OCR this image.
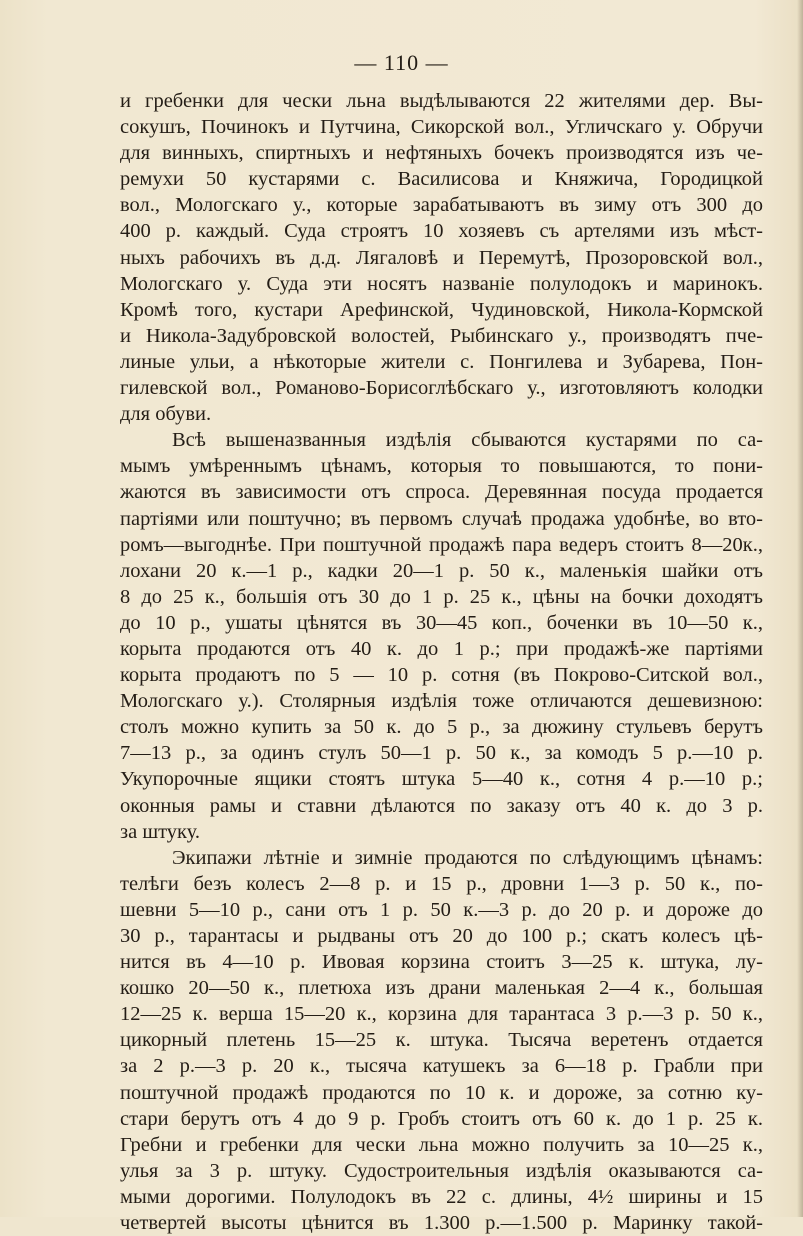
— 110 —
и гребенки для чески льна выдѣлываются 22 жителями дер. Вы-
сокушъ, Починокъ и Путчина, Сикорской вол., Угличскаго у. Обручи
для винныхъ, спиртныхъ и нефтяныхъ бочекъ производятся изъ че-
ремухи 50 кустарями с. Василисова и Княжича, Городицкой
вол., Мологскаго у., которые зарабатываютъ въ зиму отъ 300 до
400 р. каждый. Суда строятъ 10 хозяевъ съ артелями изъ мѣст-
ныхъ рабочихъ въ д.д. Лягаловѣ и Перемутѣ, Прозоровской вол.,
Мологскаго у. Суда эти носятъ названіе полулодокъ и маринокъ.
Кромѣ того, кустари Арефинской, Чудиновской, Никола-Кормской
и Никола-Задубровской волостей, Рыбинскаго у., производятъ пче-
линые ульи, а нѣкоторые жители с. Понгилева и Зубарева, Пон-
гилевской вол., Романово-Борисоглѣбскаго у., изготовляютъ колодки
для обуви.
Всѣ вышеназванныя издѣлія сбываются кустарями по са-
мымъ умѣреннымъ цѣнамъ, которыя то повышаются, то пони-
жаются въ зависимости отъ спроса. Деревянная посуда продается
партіями или поштучно; въ первомъ случаѣ продажа удобнѣе, во вто-
ромъ—выгоднѣе. При поштучной продажѣ пара ведеръ стоитъ 8—20к.,
лохани 20 к.—1 р., кадки 20—1 р. 50 к., маленькія шайки отъ
8 до 25 к., большія отъ 30 до 1 р. 25 к., цѣны на бочки доходятъ
до 10 р., ушаты цѣнятся въ 30—45 коп., боченки въ 10—50 к.,
корыта продаются отъ 40 к. до 1 р.; при продажѣ-же партіями
корыта продаютъ по 5 — 10 р. сотня (въ Покрово-Ситской вол.,
Мологскаго у.). Столярныя издѣлія тоже отличаются дешевизною:
столъ можно купить за 50 к. до 5 р., за дюжину стульевъ берутъ
7—13 р., за одинъ стулъ 50—1 р. 50 к., за комодъ 5 р.—10 р.
Укупорочные ящики стоятъ штука 5—40 к., сотня 4 р.—10 р.;
оконныя рамы и ставни дѣлаются по заказу отъ 40 к. до 3 р.
за штуку.
Экипажи лѣтніе и зимніе продаются по слѣдующимъ цѣнамъ:
телѣги безъ колесъ 2—8 р. и 15 р., дровни 1—3 р. 50 к., по-
шевни 5—10 р., сани отъ 1 р. 50 к.—3 р. до 20 р. и дороже до
30 р., тарантасы и рыдваны отъ 20 до 100 р.; скатъ колесъ цѣ-
нится въ 4—10 р. Ивовая корзина стоитъ 3—25 к. штука, лу-
кошко 20—50 к., плетюха изъ драни маленькая 2—4 к., большая
12—25 к. верша 15—20 к., корзина для тарантаса 3 р.—3 р. 50 к.,
цикорный плетень 15—25 к. штука. Тысяча веретенъ отдается
за 2 р.—3 р. 20 к., тысяча катушекъ за 6—18 р. Грабли при
поштучной продажѣ продаются по 10 к. и дороже, за сотню ку-
стари берутъ отъ 4 до 9 р. Гробъ стоитъ отъ 60 к. до 1 р. 25 к.
Гребни и гребенки для чески льна можно получить за 10—25 к.,
улья за 3 р. штуку. Судостроительныя издѣлія оказываются са-
мыми дорогими. Полулодокъ въ 22 с. длины, 4½ ширины и 15
четвертей высоты цѣнится въ 1.300 р.—1.500 р. Маринку такой-
